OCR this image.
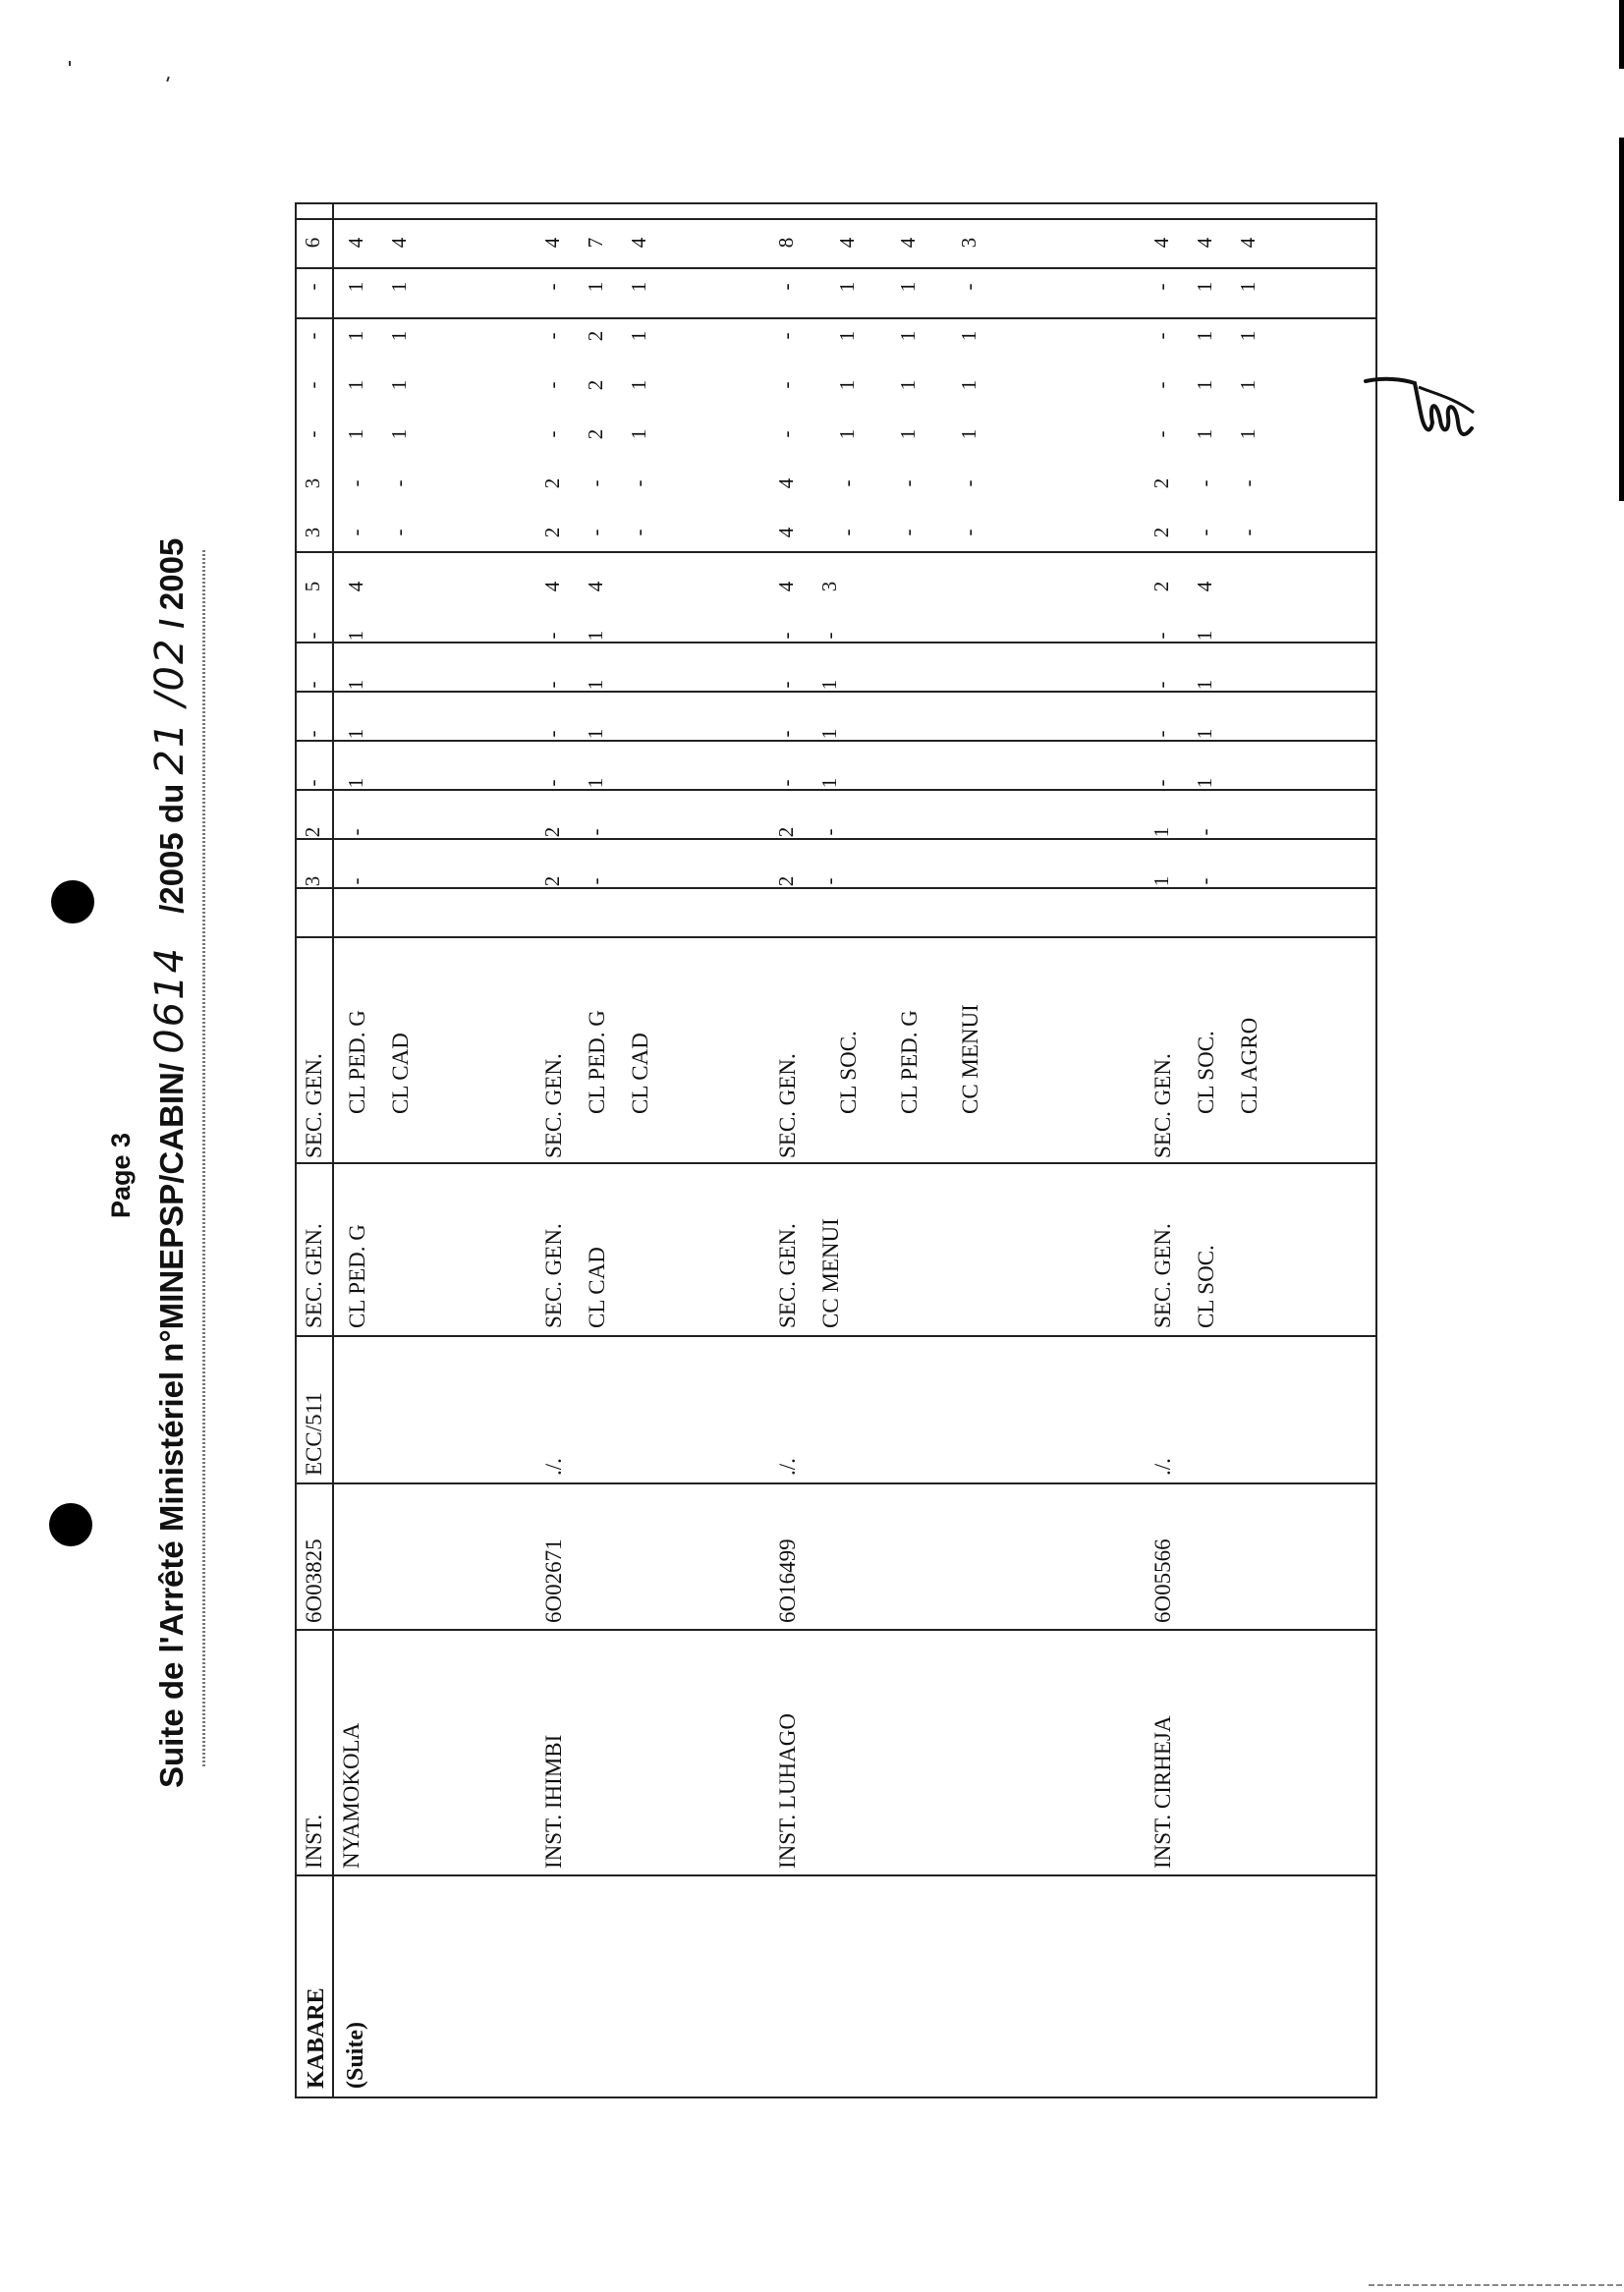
Page 3 Suite de l'Arrêté Ministériel n°MINEPSP/CABIN/ 0614 /2005 du 21 /02 / 2005
KABARE (Suite)
INST. NYAMOKOLA
6O03825
ECC/511
SEC. GEN.
3
2
-
-
-
-
5
CL PED. G
-
-
1
1
1
1
4
SEC. GEN.
3
3
-
-
-
-
6
CL PED. G
-
-
1
1
1
1
4
CL CAD
-
-
1
1
1
1
4
INST. IHIMBI
6O02671
./.
SEC. GEN.
2
2
-
-
-
-
4
CL CAD
-
-
1
1
1
1
4
SEC. GEN.
2
2
-
-
-
-
4
CL PED. G
-
-
2
2
2
1
7
CL CAD
-
-
1
1
1
1
4
INST. LUHAGO
6O16499
./.
SEC. GEN.
2
2
-
-
-
-
4
CC MENUI
-
-
1
1
1
-
3
SEC. GEN.
4
4
-
-
-
-
8
CL SOC.
-
-
1
1
1
1
4
CL PED. G
-
-
1
1
1
1
4
CC MENUI
-
-
1
1
1
-
3
INST. CIRHEJA
6O05566
./.
SEC. GEN.
1
1
-
-
-
-
2
CL SOC.
-
-
1
1
1
1
4
SEC. GEN.
2
2
-
-
-
-
4
CL SOC.
-
-
1
1
1
1
4
CL AGRO
-
-
1
1
1
1
4
